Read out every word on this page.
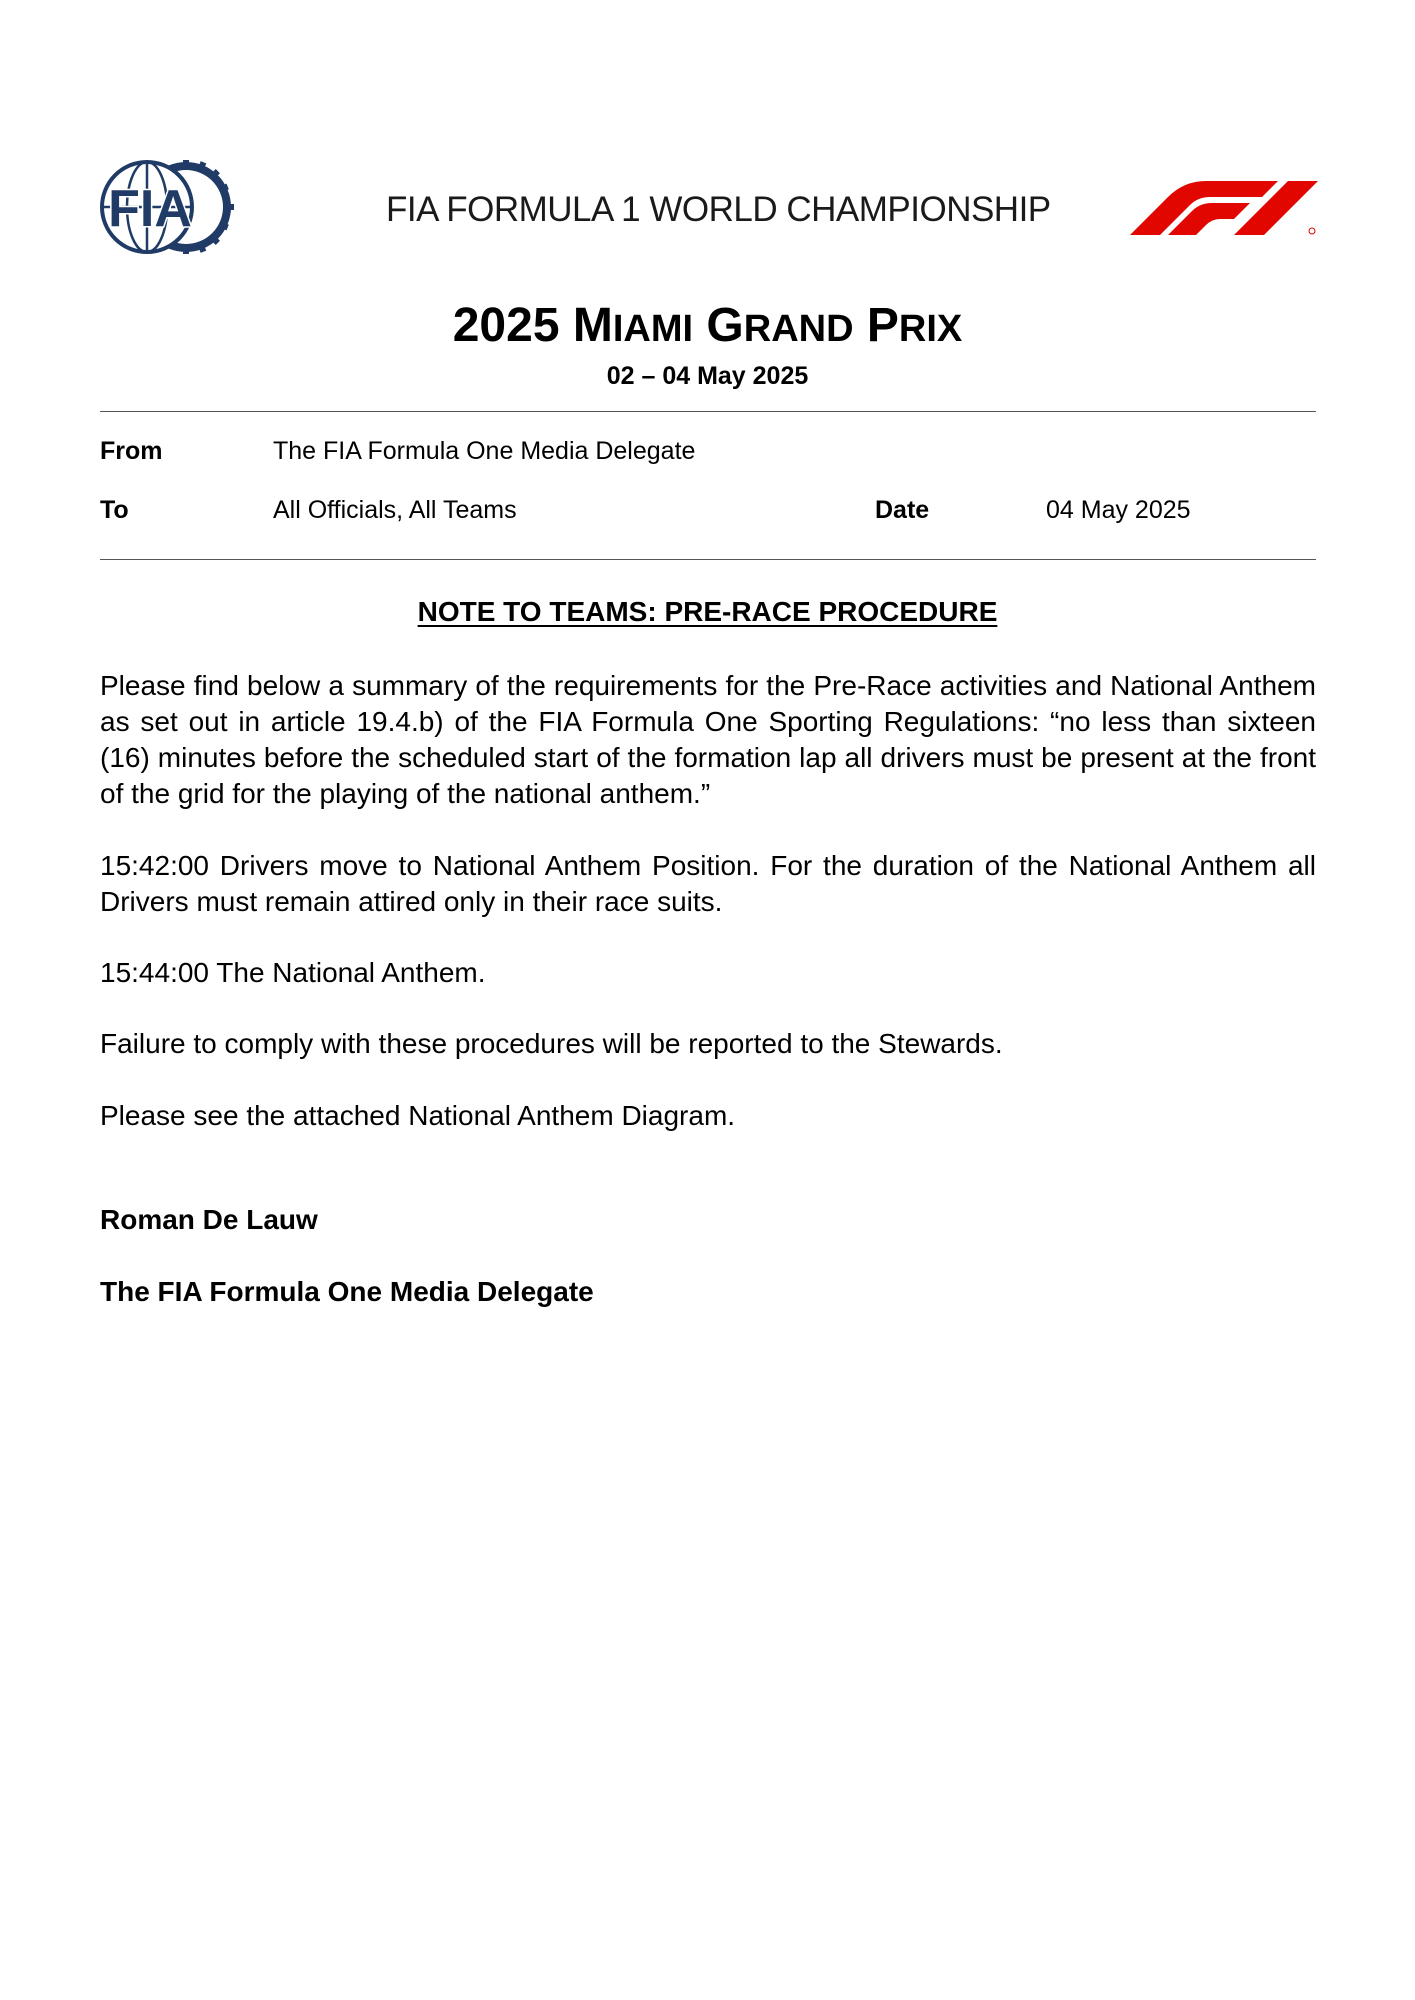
FIA	FIA FORMULA 1 WORLD CHAMPIONSHIP
2025 MIAMI GRAND PRIX
02 – 04 May 2025
From	The FIA Formula One Media Delegate
To	All Officials, All Teams	Date	04 May 2025
NOTE TO TEAMS: PRE-RACE PROCEDURE
Please find below a summary of the requirements for the Pre-Race activities and National Anthem as set out in article 19.4.b) of the FIA Formula One Sporting Regulations: “no less than sixteen (16) minutes before the scheduled start of the formation lap all drivers must be present at the front of the grid for the playing of the national anthem.”
15:42:00 Drivers move to National Anthem Position. For the duration of the National Anthem all Drivers must remain attired only in their race suits.
15:44:00 The National Anthem.
Failure to comply with these procedures will be reported to the Stewards.
Please see the attached National Anthem Diagram.
Roman De Lauw
The FIA Formula One Media Delegate
